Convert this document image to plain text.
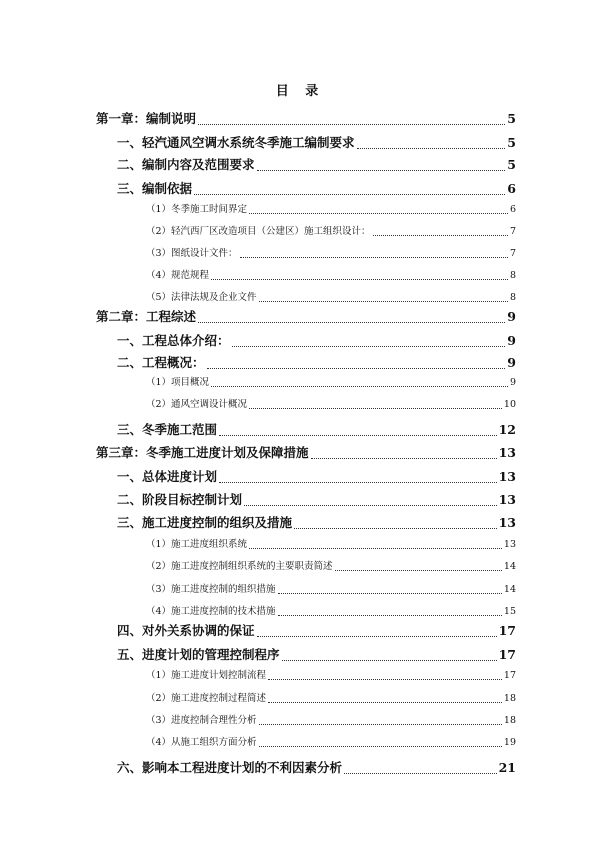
目 录
第一章：编制说明	5
一、轻汽通风空调水系统冬季施工编制要求	5
二、编制内容及范围要求	5
三、编制依据	6
（1）冬季施工时间界定	6
（2）轻汽西厂区改造项目（公建区）施工组织设计：	7
（3）图纸设计文件：	7
（4）规范规程	8
（5）法律法规及企业文件	8
第二章：工程综述	9
一、工程总体介绍：	9
二、工程概况：	9
（1）项目概况	9
（2）通风空调设计概况	10
三、冬季施工范围	12
第三章：冬季施工进度计划及保障措施	13
一、总体进度计划	13
二、阶段目标控制计划	13
三、施工进度控制的组织及措施	13
（1）施工进度组织系统	13
（2）施工进度控制组织系统的主要职责简述	14
（3）施工进度控制的组织措施	14
（4）施工进度控制的技术措施	15
四、对外关系协调的保证	17
五、进度计划的管理控制程序	17
（1）施工进度计划控制流程	17
（2）施工进度控制过程简述	18
（3）进度控制合理性分析	18
（4）从施工组织方面分析	19
六、影响本工程进度计划的不利因素分析	21
